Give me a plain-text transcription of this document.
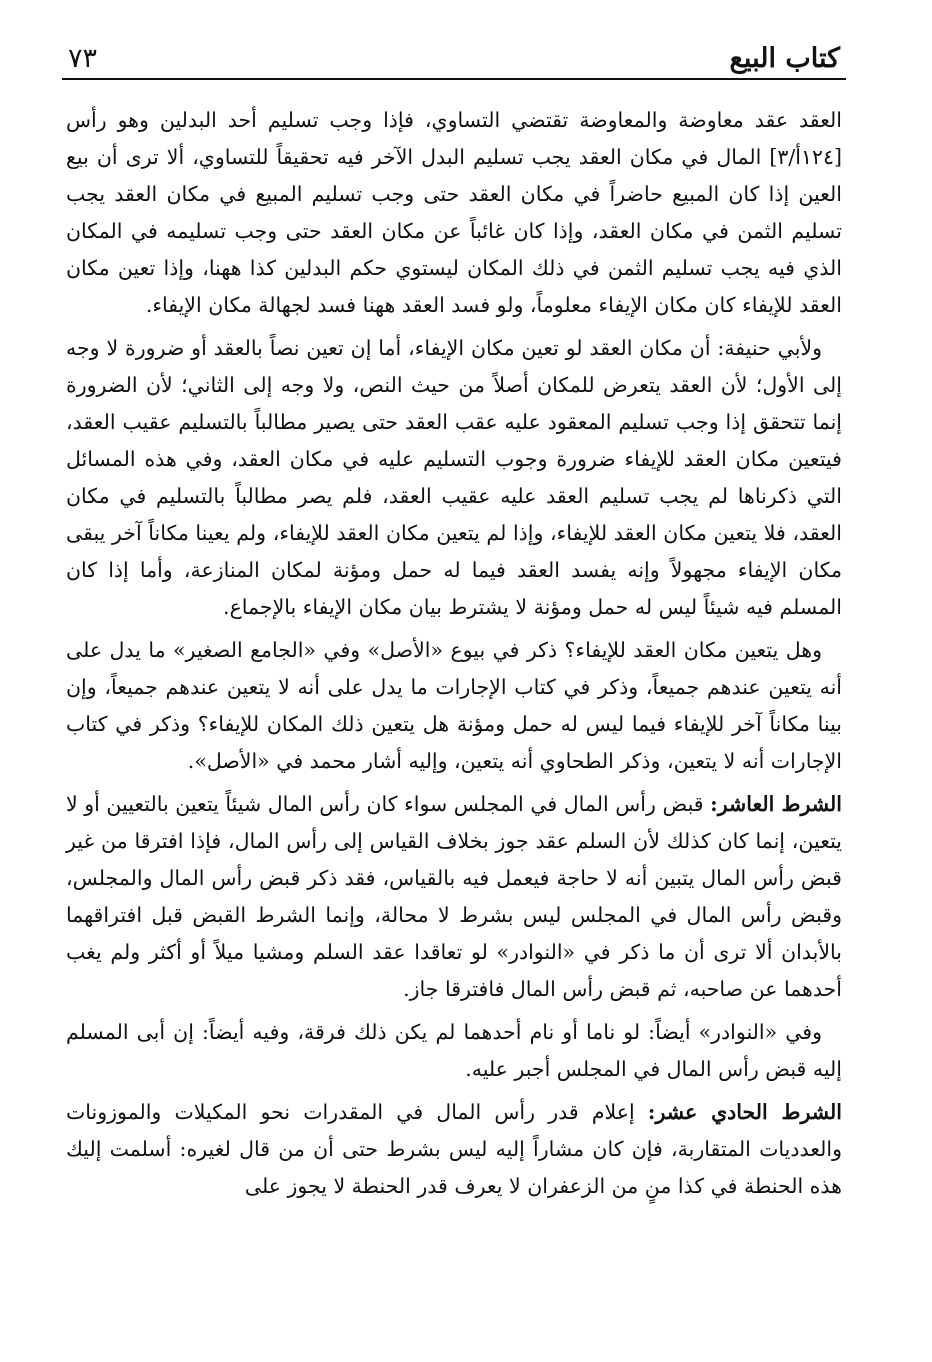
كتاب البيع
٧٣

العقد عقد معاوضة والمعاوضة تقتضي التساوي، فإذا وجب تسليم أحد البدلين وهو رأس [١٢٤أ/٣] المال في مكان العقد يجب تسليم البدل الآخر فيه تحقيقاً للتساوي، ألا ترى أن بيع العين إذا كان المبيع حاضراً في مكان العقد حتى وجب تسليم المبيع في مكان العقد يجب تسليم الثمن في مكان العقد، وإذا كان غائباً عن مكان العقد حتى وجب تسليمه في المكان الذي فيه يجب تسليم الثمن في ذلك المكان ليستوي حكم البدلين كذا ههنا، وإذا تعين مكان العقد للإيفاء كان مكان الإيفاء معلوماً، ولو فسد العقد ههنا فسد لجهالة مكان الإيفاء.

ولأبي حنيفة: أن مكان العقد لو تعين مكان الإيفاء، أما إن تعين نصاً بالعقد أو ضرورة لا وجه إلى الأول؛ لأن العقد يتعرض للمكان أصلاً من حيث النص، ولا وجه إلى الثاني؛ لأن الضرورة إنما تتحقق إذا وجب تسليم المعقود عليه عقب العقد حتى يصير مطالباً بالتسليم عقيب العقد، فيتعين مكان العقد للإيفاء ضرورة وجوب التسليم عليه في مكان العقد، وفي هذه المسائل التي ذكرناها لم يجب تسليم العقد عليه عقيب العقد، فلم يصر مطالباً بالتسليم في مكان العقد، فلا يتعين مكان العقد للإيفاء، وإذا لم يتعين مكان العقد للإيفاء، ولم يعينا مكاناً آخر يبقى مكان الإيفاء مجهولاً وإنه يفسد العقد فيما له حمل ومؤنة لمكان المنازعة، وأما إذا كان المسلم فيه شيئاً ليس له حمل ومؤنة لا يشترط بيان مكان الإيفاء بالإجماع.

وهل يتعين مكان العقد للإيفاء؟ ذكر في بيوع «الأصل» وفي «الجامع الصغير» ما يدل على أنه يتعين عندهم جميعاً، وذكر في كتاب الإجارات ما يدل على أنه لا يتعين عندهم جميعاً، وإن بينا مكاناً آخر للإيفاء فيما ليس له حمل ومؤنة هل يتعين ذلك المكان للإيفاء؟ وذكر في كتاب الإجارات أنه لا يتعين، وذكر الطحاوي أنه يتعين، وإليه أشار محمد في «الأصل».

الشرط العاشر: قبض رأس المال في المجلس سواء كان رأس المال شيئاً يتعين بالتعيين أو لا يتعين، إنما كان كذلك لأن السلم عقد جوز بخلاف القياس إلى رأس المال، فإذا افترقا من غير قبض رأس المال يتبين أنه لا حاجة فيعمل فيه بالقياس، فقد ذكر قبض رأس المال والمجلس، وقبض رأس المال في المجلس ليس بشرط لا محالة، وإنما الشرط القبض قبل افتراقهما بالأبدان ألا ترى أن ما ذكر في «النوادر» لو تعاقدا عقد السلم ومشيا ميلاً أو أكثر ولم يغب أحدهما عن صاحبه، ثم قبض رأس المال فافترقا جاز.

وفي «النوادر» أيضاً: لو ناما أو نام أحدهما لم يكن ذلك فرقة، وفيه أيضاً: إن أبى المسلم إليه قبض رأس المال في المجلس أجبر عليه.

الشرط الحادي عشر: إعلام قدر رأس المال في المقدرات نحو المكيلات والموزونات والعدديات المتقاربة، فإن كان مشاراً إليه ليس بشرط حتى أن من قال لغيره: أسلمت إليك هذه الحنطة في كذا منٍ من الزعفران لا يعرف قدر الحنطة لا يجوز على
